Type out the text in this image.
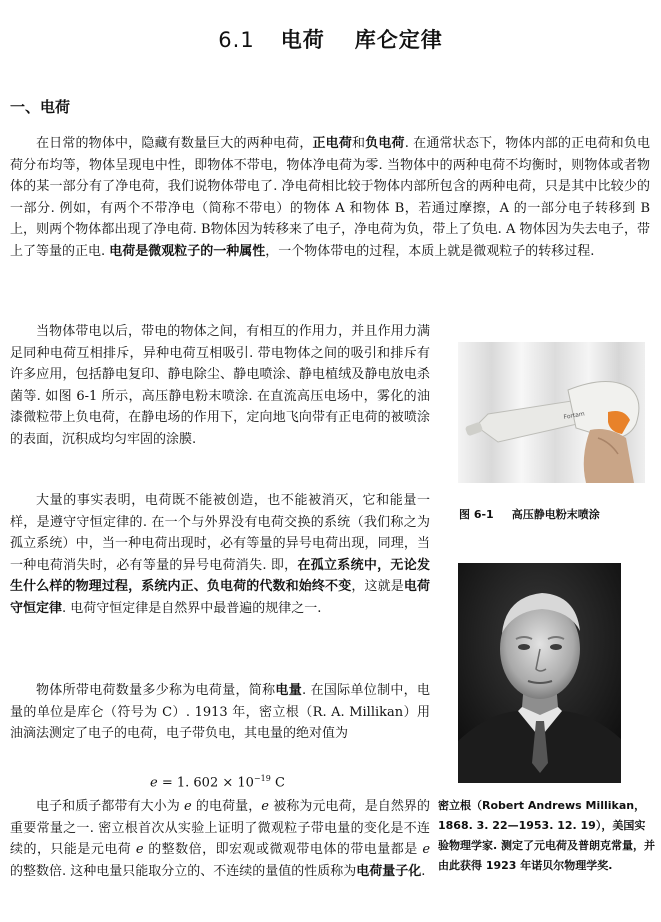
6.1 电荷 库仑定律
一、电荷

在日常的物体中，隐藏有数量巨大的两种电荷，正电荷和负电荷. 在通常状态下，物体内部的正电荷和负电荷分布均等，物体呈现电中性，即物体不带电，物体净电荷为零. 当物体中的两种电荷不均衡时，则物体或者物体的某一部分有了净电荷，我们说物体带电了. 净电荷相比较于物体内部所包含的两种电荷，只是其中比较少的一部分. 例如，有两个不带净电（简称不带电）的物体 A 和物体 B，若通过摩擦，A 的一部分电子转移到 B 上，则两个物体都出现了净电荷. B物体因为转移来了电子，净电荷为负，带上了负电. A 物体因为失去电子，带上了等量的正电. 电荷是微观粒子的一种属性，一个物体带电的过程，本质上就是微观粒子的转移过程.

当物体带电以后，带电的物体之间，有相互的作用力，并且作用力满足同种电荷互相排斥，异种电荷互相吸引. 带电物体之间的吸引和排斥有许多应用，包括静电复印、静电除尘、静电喷涂、静电植绒及静电放电杀菌等. 如图 6-1 所示，高压静电粉末喷涂. 在直流高压电场中，雾化的油漆微粒带上负电荷，在静电场的作用下，定向地飞向带有正电荷的被喷涂的表面，沉积成均匀牢固的涂膜.

大量的事实表明，电荷既不能被创造，也不能被消灭，它和能量一样，是遵守守恒定律的. 在一个与外界没有电荷交换的系统（我们称之为孤立系统）中，当一种电荷出现时，必有等量的异号电荷出现，同理，当一种电荷消失时，必有等量的异号电荷消失. 即，在孤立系统中，无论发生什么样的物理过程，系统内正、负电荷的代数和始终不变，这就是电荷守恒定律. 电荷守恒定律是自然界中最普遍的规律之一.

物体所带电荷数量多少称为电荷量，简称电量. 在国际单位制中，电量的单位是库仑（符号为 C）. 1913 年，密立根（R. A. Millikan）用油滴法测定了电子的电荷，电子带负电，其电量的绝对值为

e = 1. $602 \times 10^{-19}$ C

电子和质子都带有大小为 e 的电荷量，e 被称为元电荷，是自然界的重要常量之一. 密立根首次从实验上证明了微观粒子带电量的变化是不连续的，只能是元电荷 e 的整数倍，即宏观或微观带电体的带电量都是 e 的整数倍. 这种电量只能取分立的、不连续的量值的性质称为电荷量子化.

Fortam
图 6-1 高压静电粉末喷涂
密立根（Robert Andrews Millikan，1868. 3. 22—1953. 12. 19），美国实验物理学家. 测定了元电荷及普朗克常量，并由此获得 1923 年诺贝尔物理学奖.
